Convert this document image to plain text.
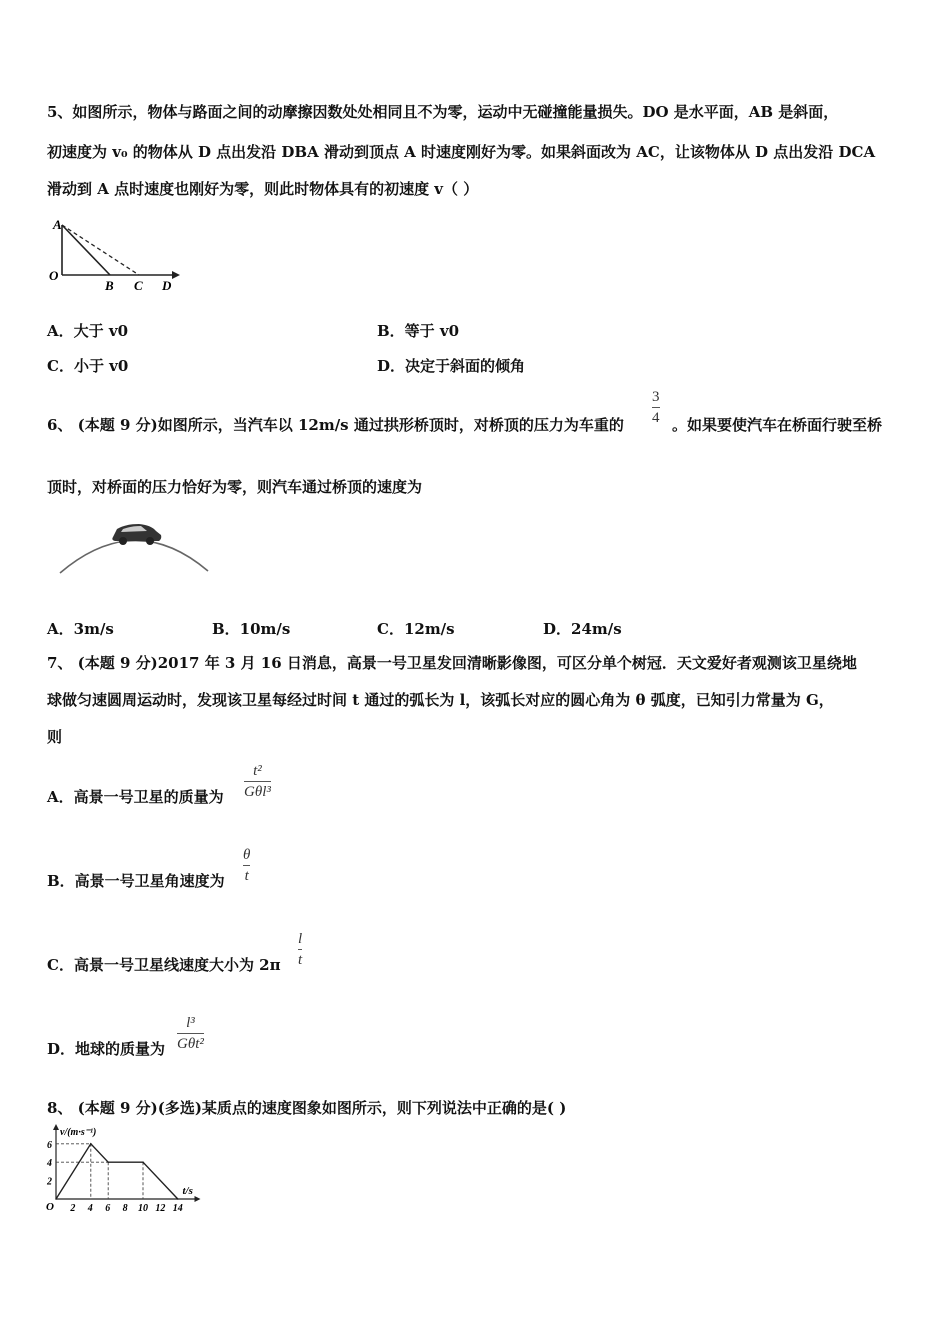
5、如图所示，物体与路面之间的动摩擦因数处处相同且不为零，运动中无碰撞能量损失。DO 是水平面，AB 是斜面，
初速度为 v₀ 的物体从 D 点出发沿 DBA 滑动到顶点 A 时速度刚好为零。如果斜面改为 AC，让该物体从 D 点出发沿 DCA
滑动到 A 点时速度也刚好为零，则此时物体具有的初速度 v（ ）
A
O
B C D
A．大于 v0	B．等于 v0
C．小于 v0	D．决定于斜面的倾角
6、 (本题 9 分)如图所示，当汽车以 12m/s 通过拱形桥顶时，对桥顶的压力为车重的
3
4 。如果要使汽车在桥面行驶至桥
顶时，对桥面的压力恰好为零，则汽车通过桥顶的速度为
A．3m/s	B．10m/s	C．12m/s	D．24m/s
7、 (本题 9 分)2017 年 3 月 16 日消息，高景一号卫星发回清晰影像图，可区分单个树冠．天文爱好者观测该卫星绕地
球做匀速圆周运动时，发现该卫星每经过时间 t 通过的弧长为 l，该弧长对应的圆心角为 θ 弧度，已知引力常量为 G，
则
A．高景一号卫星的质量为
t²
Gθl³
B．高景一号卫星角速度为
θ
t
C．高景一号卫星线速度大小为 2π
l
t
D．地球的质量为
l³
Gθt²
8、 (本题 9 分)(多选)某质点的速度图象如图所示，则下列说法中正确的是( )
v/(m·s⁻¹)
t/s
O 2 4 6 8 10 12 14
2
4
6
